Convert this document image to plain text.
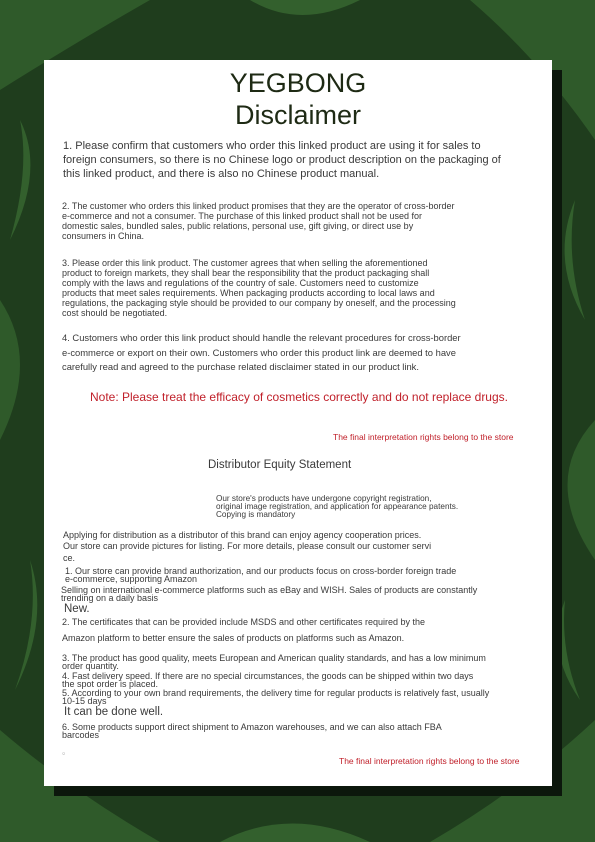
YEGBONG
Disclaimer
1. Please confirm that customers who order this linked product are using it for sales to
foreign consumers, so there is no Chinese logo or product description on the packaging of
this linked product, and there is also no Chinese product manual.
2. The customer who orders this linked product promises that they are the operator of cross-border
e-commerce and not a consumer. The purchase of this linked product shall not be used for
domestic sales, bundled sales, public relations, personal use, gift giving, or direct use by
consumers in China.
3. Please order this link product. The customer agrees that when selling the aforementioned
product to foreign markets, they shall bear the responsibility that the product packaging shall
comply with the laws and regulations of the country of sale. Customers need to customize
products that meet sales requirements. When packaging products according to local laws and
regulations, the packaging style should be provided to our company by oneself, and the processing
cost should be negotiated.
4. Customers who order this link product should handle the relevant procedures for cross-border
e-commerce or export on their own. Customers who order this product link are deemed to have
carefully read and agreed to the purchase related disclaimer stated in our product link.
Note: Please treat the efficacy of cosmetics correctly and do not replace drugs.
The final interpretation rights belong to the store
Distributor Equity Statement
Our store's products have undergone copyright registration,
original image registration, and application for appearance patents.
Copying is mandatory
Applying for distribution as a distributor of this brand can enjoy agency cooperation prices.
Our store can provide pictures for listing. For more details, please consult our customer servi
ce.
1. Our store can provide brand authorization, and our products focus on cross-border foreign trade
e-commerce, supporting Amazon
Selling on international e-commerce platforms such as eBay and WISH. Sales of products are constantly
trending on a daily basis
New.
2. The certificates that can be provided include MSDS and other certificates required by the
Amazon platform to better ensure the sales of products on platforms such as Amazon.
3. The product has good quality, meets European and American quality standards, and has a low minimum
order quantity.
4. Fast delivery speed. If there are no special circumstances, the goods can be shipped within two days
the spot order is placed.
5. According to your own brand requirements, the delivery time for regular products is relatively fast, usually
10-15 days
It can be done well.
6. Some products support direct shipment to Amazon warehouses, and we can also attach FBA
barcodes
。
The final interpretation rights belong to the store
